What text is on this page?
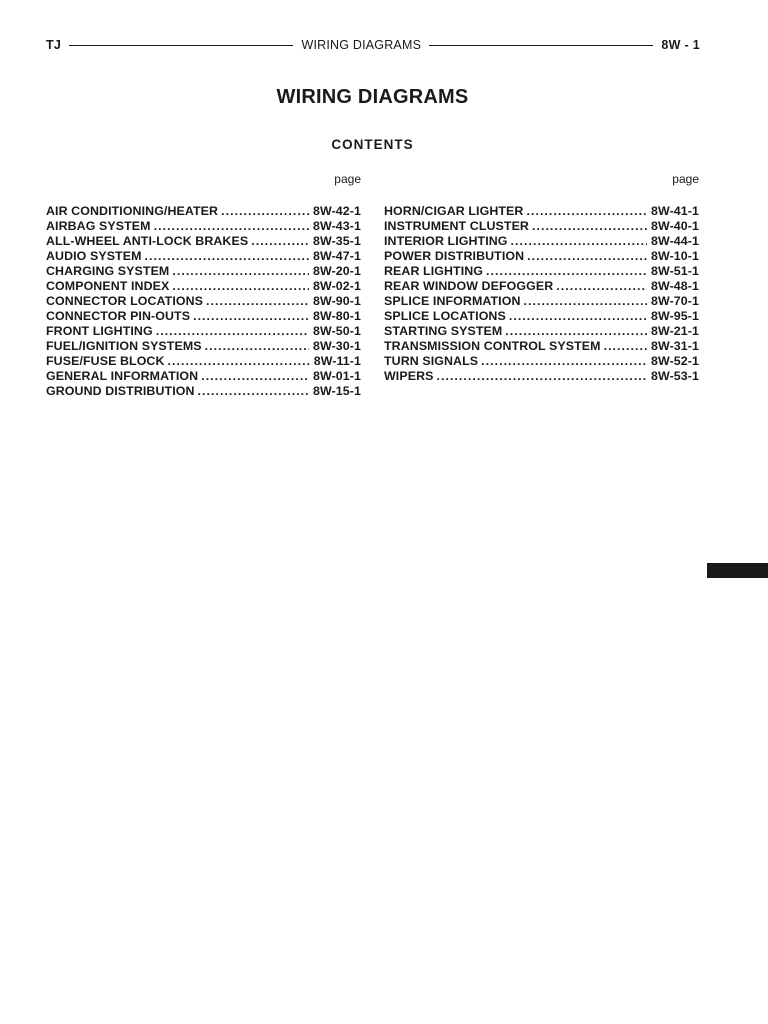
TJ	WIRING DIAGRAMS	8W - 1
WIRING DIAGRAMS
CONTENTS
page
AIR CONDITIONING/HEATER . . .	8W-42-1
AIRBAG SYSTEM . . .	8W-43-1
ALL-WHEEL ANTI-LOCK BRAKES . . .	8W-35-1
AUDIO SYSTEM . . .	8W-47-1
CHARGING SYSTEM . . .	8W-20-1
COMPONENT INDEX . . .	8W-02-1
CONNECTOR LOCATIONS . . .	8W-90-1
CONNECTOR PIN-OUTS . . .	8W-80-1
FRONT LIGHTING . . .	8W-50-1
FUEL/IGNITION SYSTEMS . . .	8W-30-1
FUSE/FUSE BLOCK . . .	8W-11-1
GENERAL INFORMATION . . .	8W-01-1
GROUND DISTRIBUTION . . .	8W-15-1
page
HORN/CIGAR LIGHTER . . .	8W-41-1
INSTRUMENT CLUSTER . . .	8W-40-1
INTERIOR LIGHTING . . .	8W-44-1
POWER DISTRIBUTION . . .	8W-10-1
REAR LIGHTING . . .	8W-51-1
REAR WINDOW DEFOGGER . . .	8W-48-1
SPLICE INFORMATION . . .	8W-70-1
SPLICE LOCATIONS . . .	8W-95-1
STARTING SYSTEM . . .	8W-21-1
TRANSMISSION CONTROL SYSTEM . . .	8W-31-1
TURN SIGNALS . . .	8W-52-1
WIPERS . . .	8W-53-1
